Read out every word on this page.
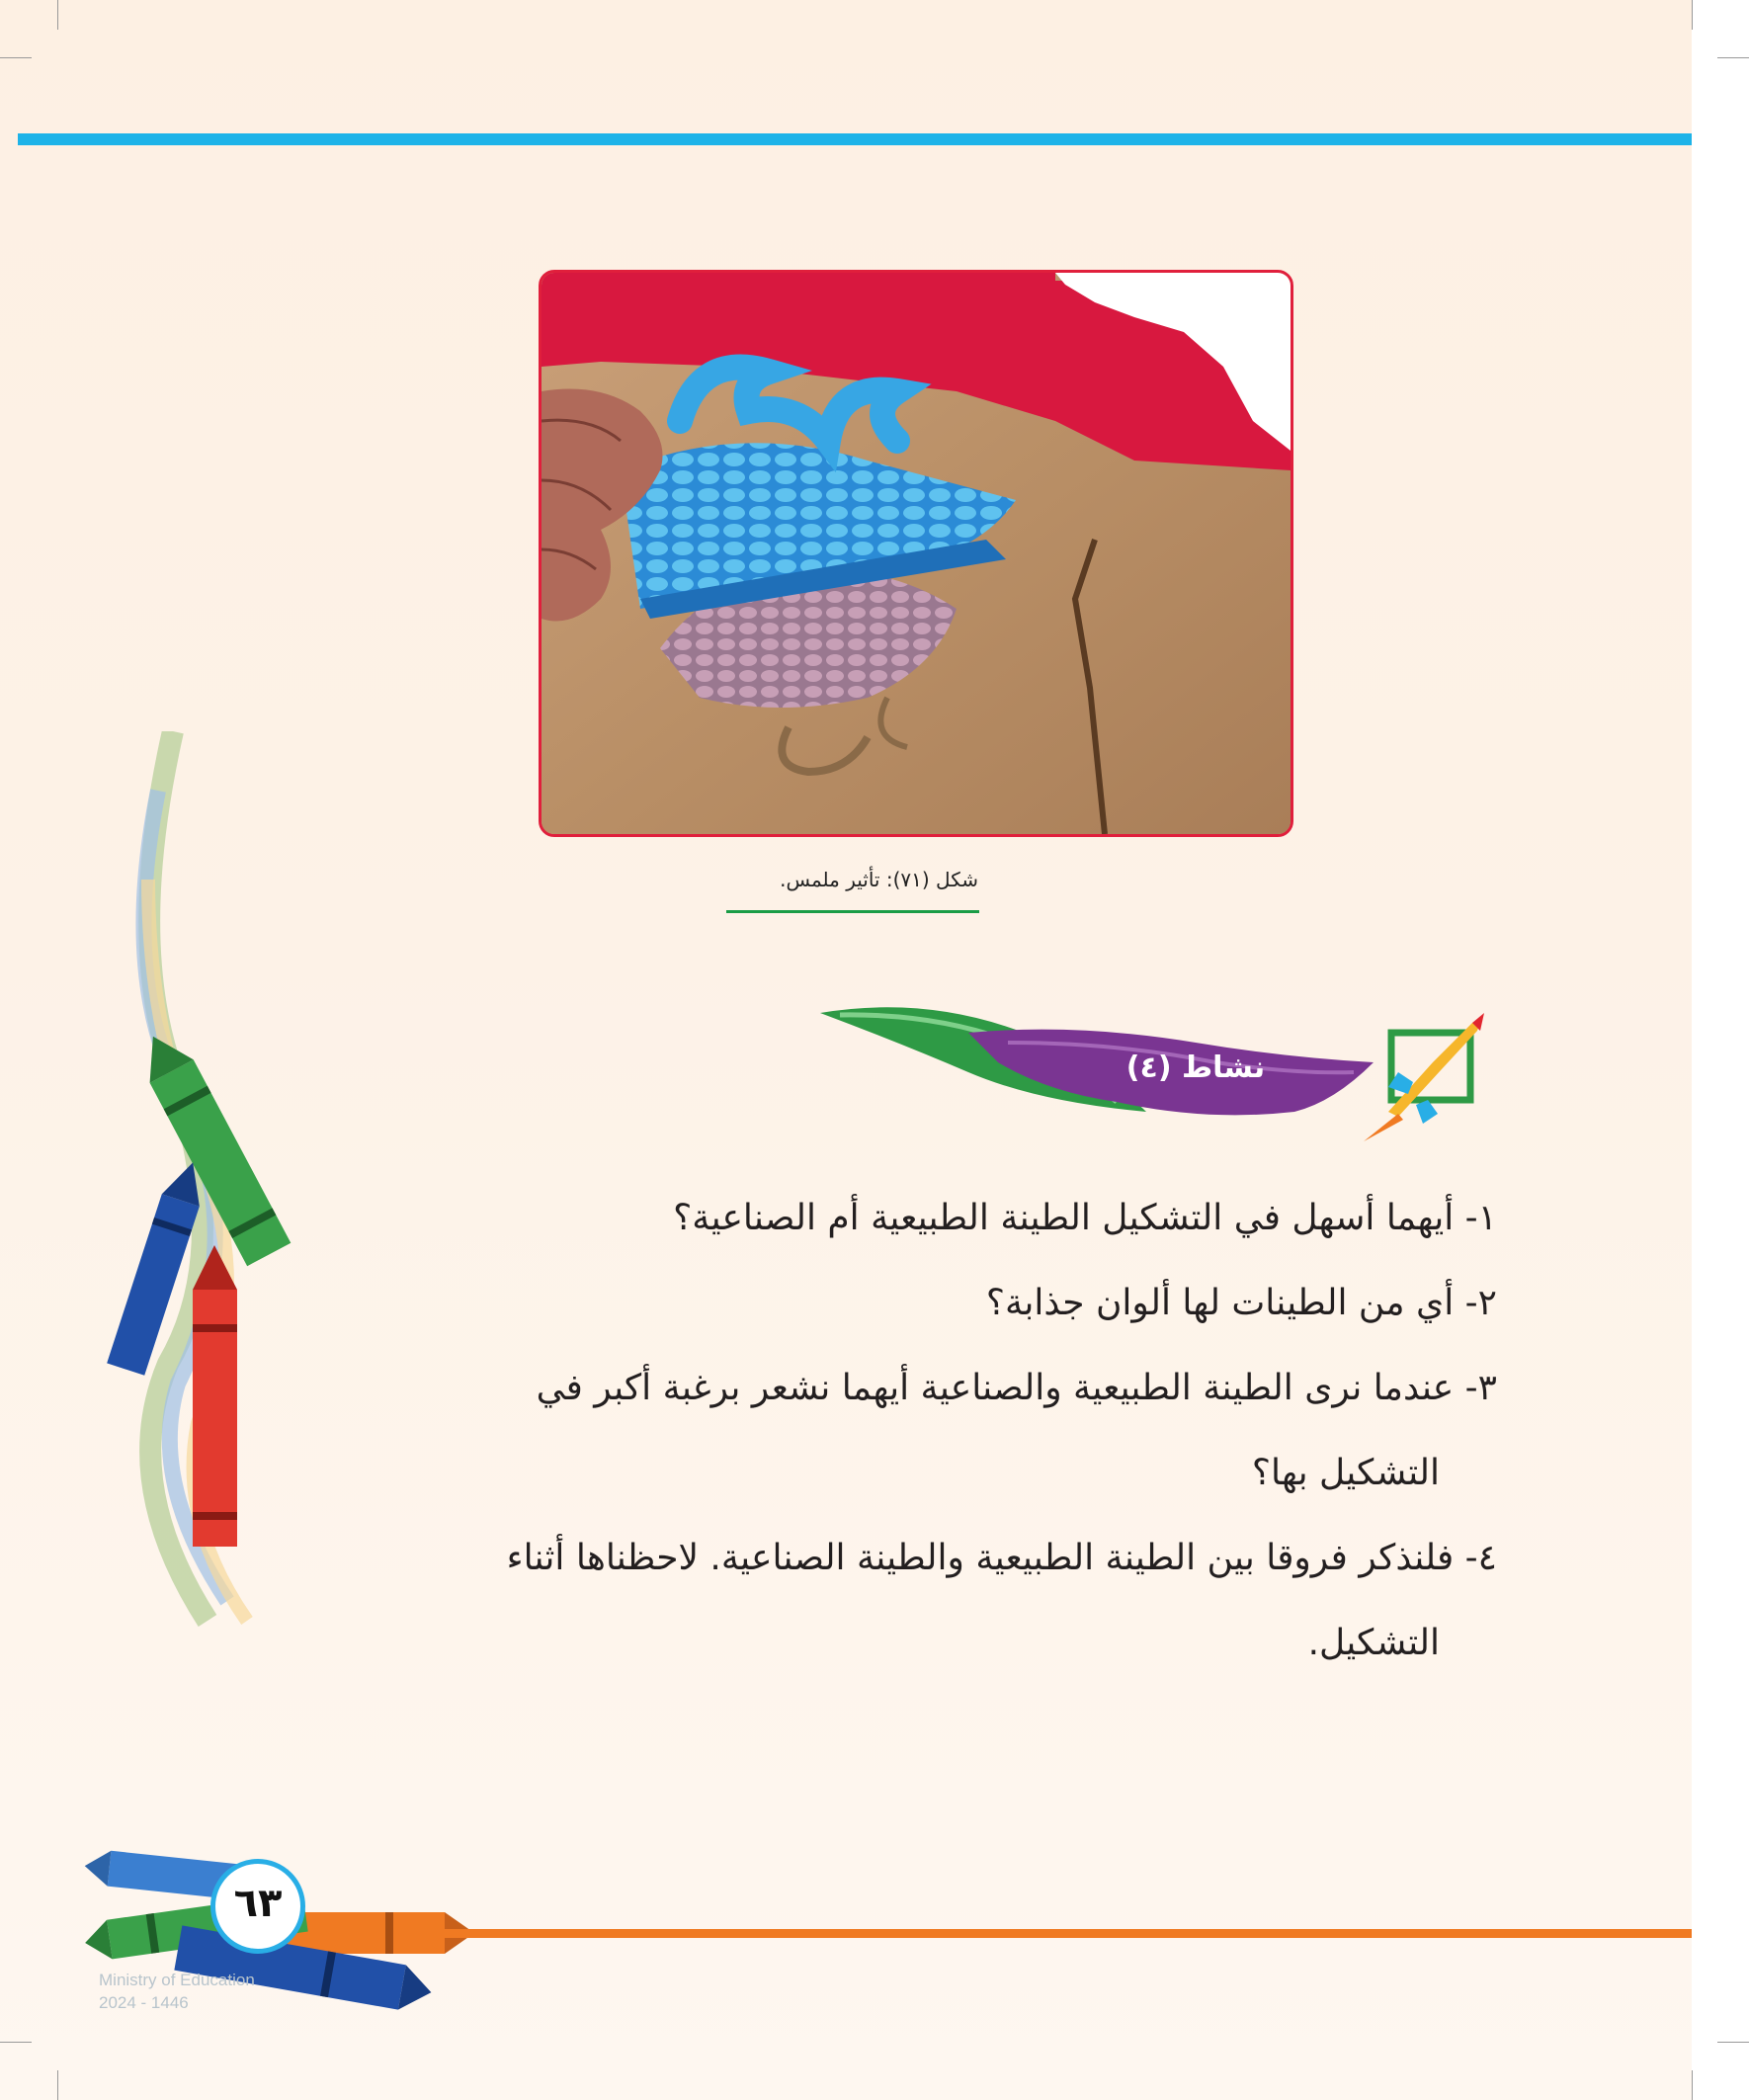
شكل (٧١): تأثير ملمس.
نشاط (٤)

١- أيهما أسهل في التشكيل الطينة الطبيعية أم الصناعية؟

٢- أي من الطينات لها ألوان جذابة؟

٣- عندما نرى الطينة الطبيعية والصناعية أيهما نشعر برغبة أكبر في

التشكيل بها؟

٤- فلنذكر فروقا بين الطينة الطبيعية والطينة الصناعية. لاحظناها أثناء

التشكيل.

٦٣
Ministry of Education
2024 - 1446
